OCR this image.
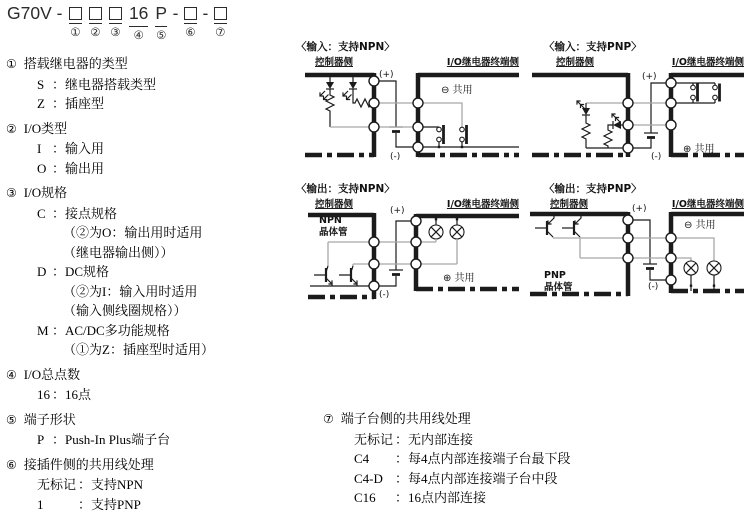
G70V -
① ② ③
16
④
P
⑤
-
⑥
-
⑦
① 搭载继电器的类型
S ：继电器搭载类型
Z ：插座型
② I/O类型
I ：输入用
O ：输出用
③ I/O规格
C ：接点规格
（②为O：输出用时适用
（继电器输出侧））
D ：DC规格
（②为I：输入用时适用
（输入侧线圈规格））
M ：AC/DC多功能规格
（①为Z：插座型时适用）
④ I/O总点数
16 ：16点
⑤ 端子形状
P ：Push-In Plus端子台
⑥ 接插件侧的共用线处理
无标记 ：支持NPN
1	：支持PNP
⑦ 端子台侧的共用线处理
无标记 ：无内部连接
C4 ：每4点内部连接端子台最下段
C4-D ：每4点内部连接端子台中段
C16 ：16点内部连接
〈输入：支持NPN〉
控制器侧	I/O继电器终端侧
(+)
(-)
⊖ 共用
〈输入：支持PNP〉
控制器侧	I/O继电器终端侧
(+)
(-)
⊕ 共用
〈输出：支持NPN〉
控制器侧	I/O继电器终端侧
NPN
晶体管
(+)
(-)
⊕ 共用
〈输出：支持PNP〉
控制器侧	I/O继电器终端侧
PNP
晶体管
(+)
(-)
⊖ 共用
